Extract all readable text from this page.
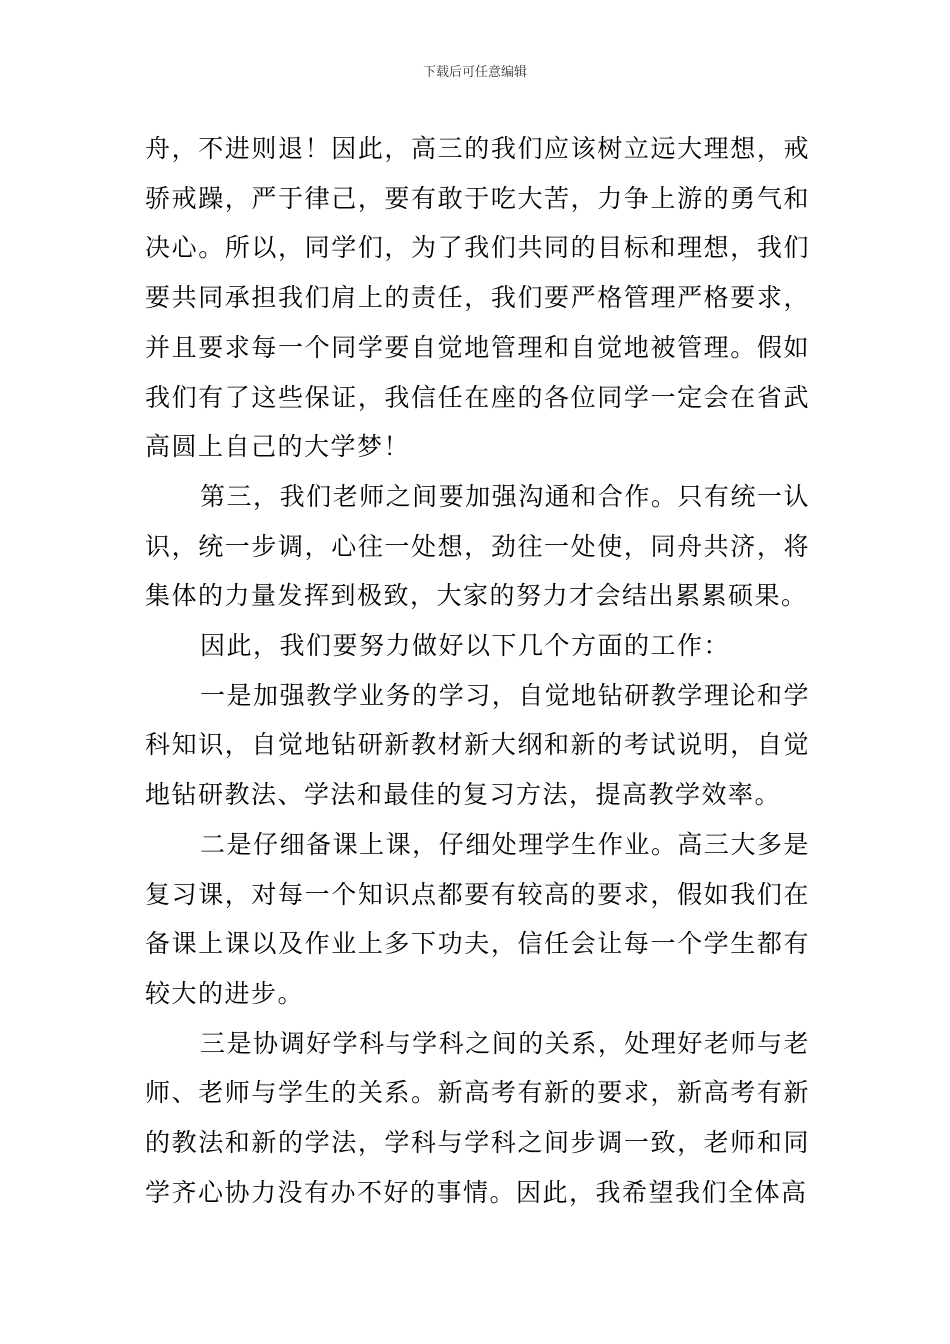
下载后可任意编辑

舟，不进则退！因此，高三的我们应该树立远大理想，戒骄戒躁，严于律己，要有敢于吃大苦，力争上游的勇气和决心。所以，同学们，为了我们共同的目标和理想，我们要共同承担我们肩上的责任，我们要严格管理严格要求，并且要求每一个同学要自觉地管理和自觉地被管理。假如我们有了这些保证，我信任在座的各位同学一定会在省武高圆上自己的大学梦！

第三，我们老师之间要加强沟通和合作。只有统一认识，统一步调，心往一处想，劲往一处使，同舟共济，将集体的力量发挥到极致，大家的努力才会结出累累硕果。

因此，我们要努力做好以下几个方面的工作：

一是加强教学业务的学习，自觉地钻研教学理论和学科知识，自觉地钻研新教材新大纲和新的考试说明，自觉地钻研教法、学法和最佳的复习方法，提高教学效率。

二是仔细备课上课，仔细处理学生作业。高三大多是复习课，对每一个知识点都要有较高的要求，假如我们在备课上课以及作业上多下功夫，信任会让每一个学生都有较大的进步。

三是协调好学科与学科之间的关系，处理好老师与老师、老师与学生的关系。新高考有新的要求，新高考有新的教法和新的学法，学科与学科之间步调一致，老师和同学齐心协力没有办不好的事情。因此，我希望我们全体高
